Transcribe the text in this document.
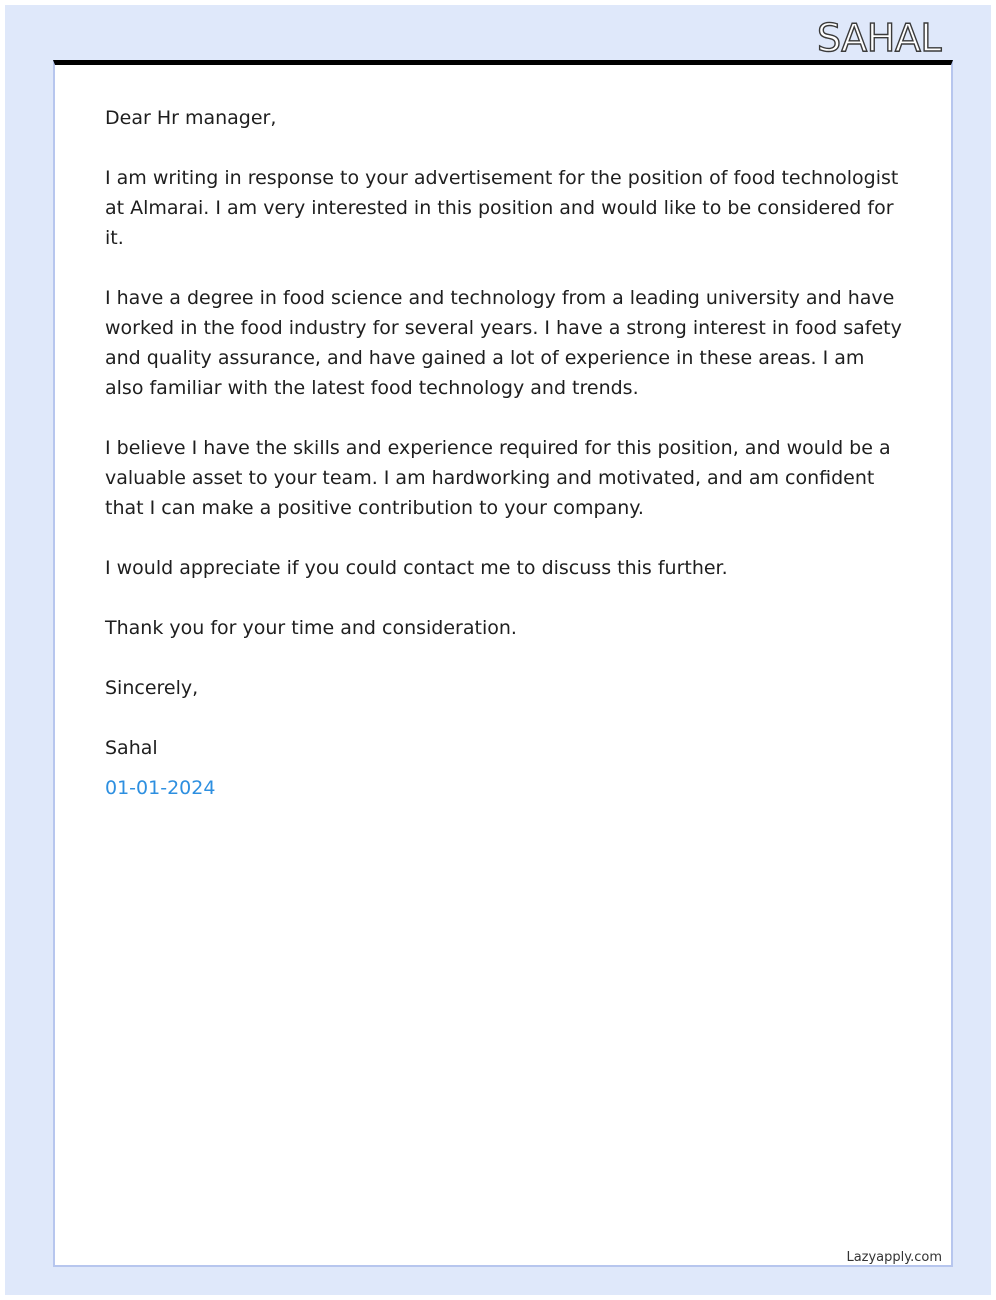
SAHAL

Dear Hr manager,

I am writing in response to your advertisement for the position of food technologist at Almarai. I am very interested in this position and would like to be considered for it.

I have a degree in food science and technology from a leading university and have worked in the food industry for several years. I have a strong interest in food safety and quality assurance, and have gained a lot of experience in these areas. I am also familiar with the latest food technology and trends.

I believe I have the skills and experience required for this position, and would be a valuable asset to your team. I am hardworking and motivated, and am confident that I can make a positive contribution to your company.

I would appreciate if you could contact me to discuss this further.

Thank you for your time and consideration.

Sincerely,

Sahal

01-01-2024

Lazyapply.com
